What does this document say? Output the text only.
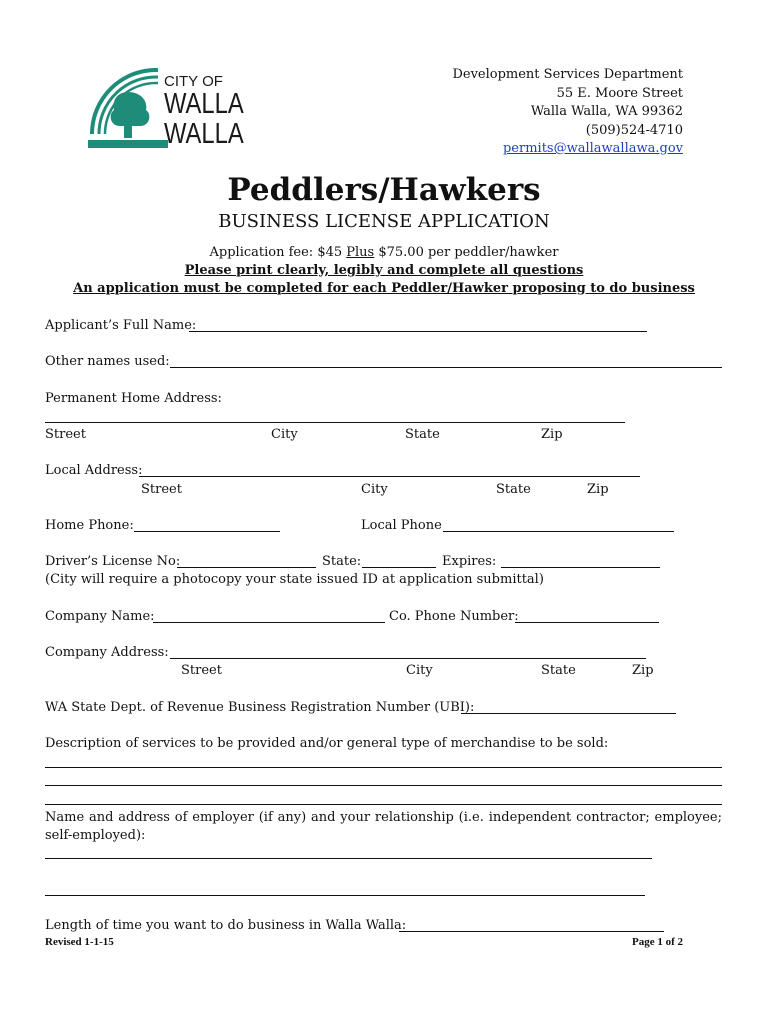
CITY OF
WALLA
WALLA
Development Services Department
55 E. Moore Street
Walla Walla, WA 99362
(509)524-4710
permits@wallawallawa.gov
Peddlers/Hawkers
BUSINESS LICENSE APPLICATION
Application fee: $45 Plus $75.00 per peddler/hawker
Please print clearly, legibly and complete all questions
An application must be completed for each Peddler/Hawker proposing to do business
Applicant’s Full Name:
Other names used:
Permanent Home Address:
Street	City	State	Zip
Local Address:
Street	City	State	Zip
Home Phone:	Local Phone
Driver’s License No:	State:	Expires:
(City will require a photocopy your state issued ID at application submittal)
Company Name:	Co. Phone Number:
Company Address:
Street	City	State	Zip
WA State Dept. of Revenue Business Registration Number (UBI):
Description of services to be provided and/or general type of merchandise to be sold:
Name and address of employer (if any) and your relationship (i.e. independent contractor; employee; self-employed):
Length of time you want to do business in Walla Walla:
Revised 1-1-15	Page 1 of 2
